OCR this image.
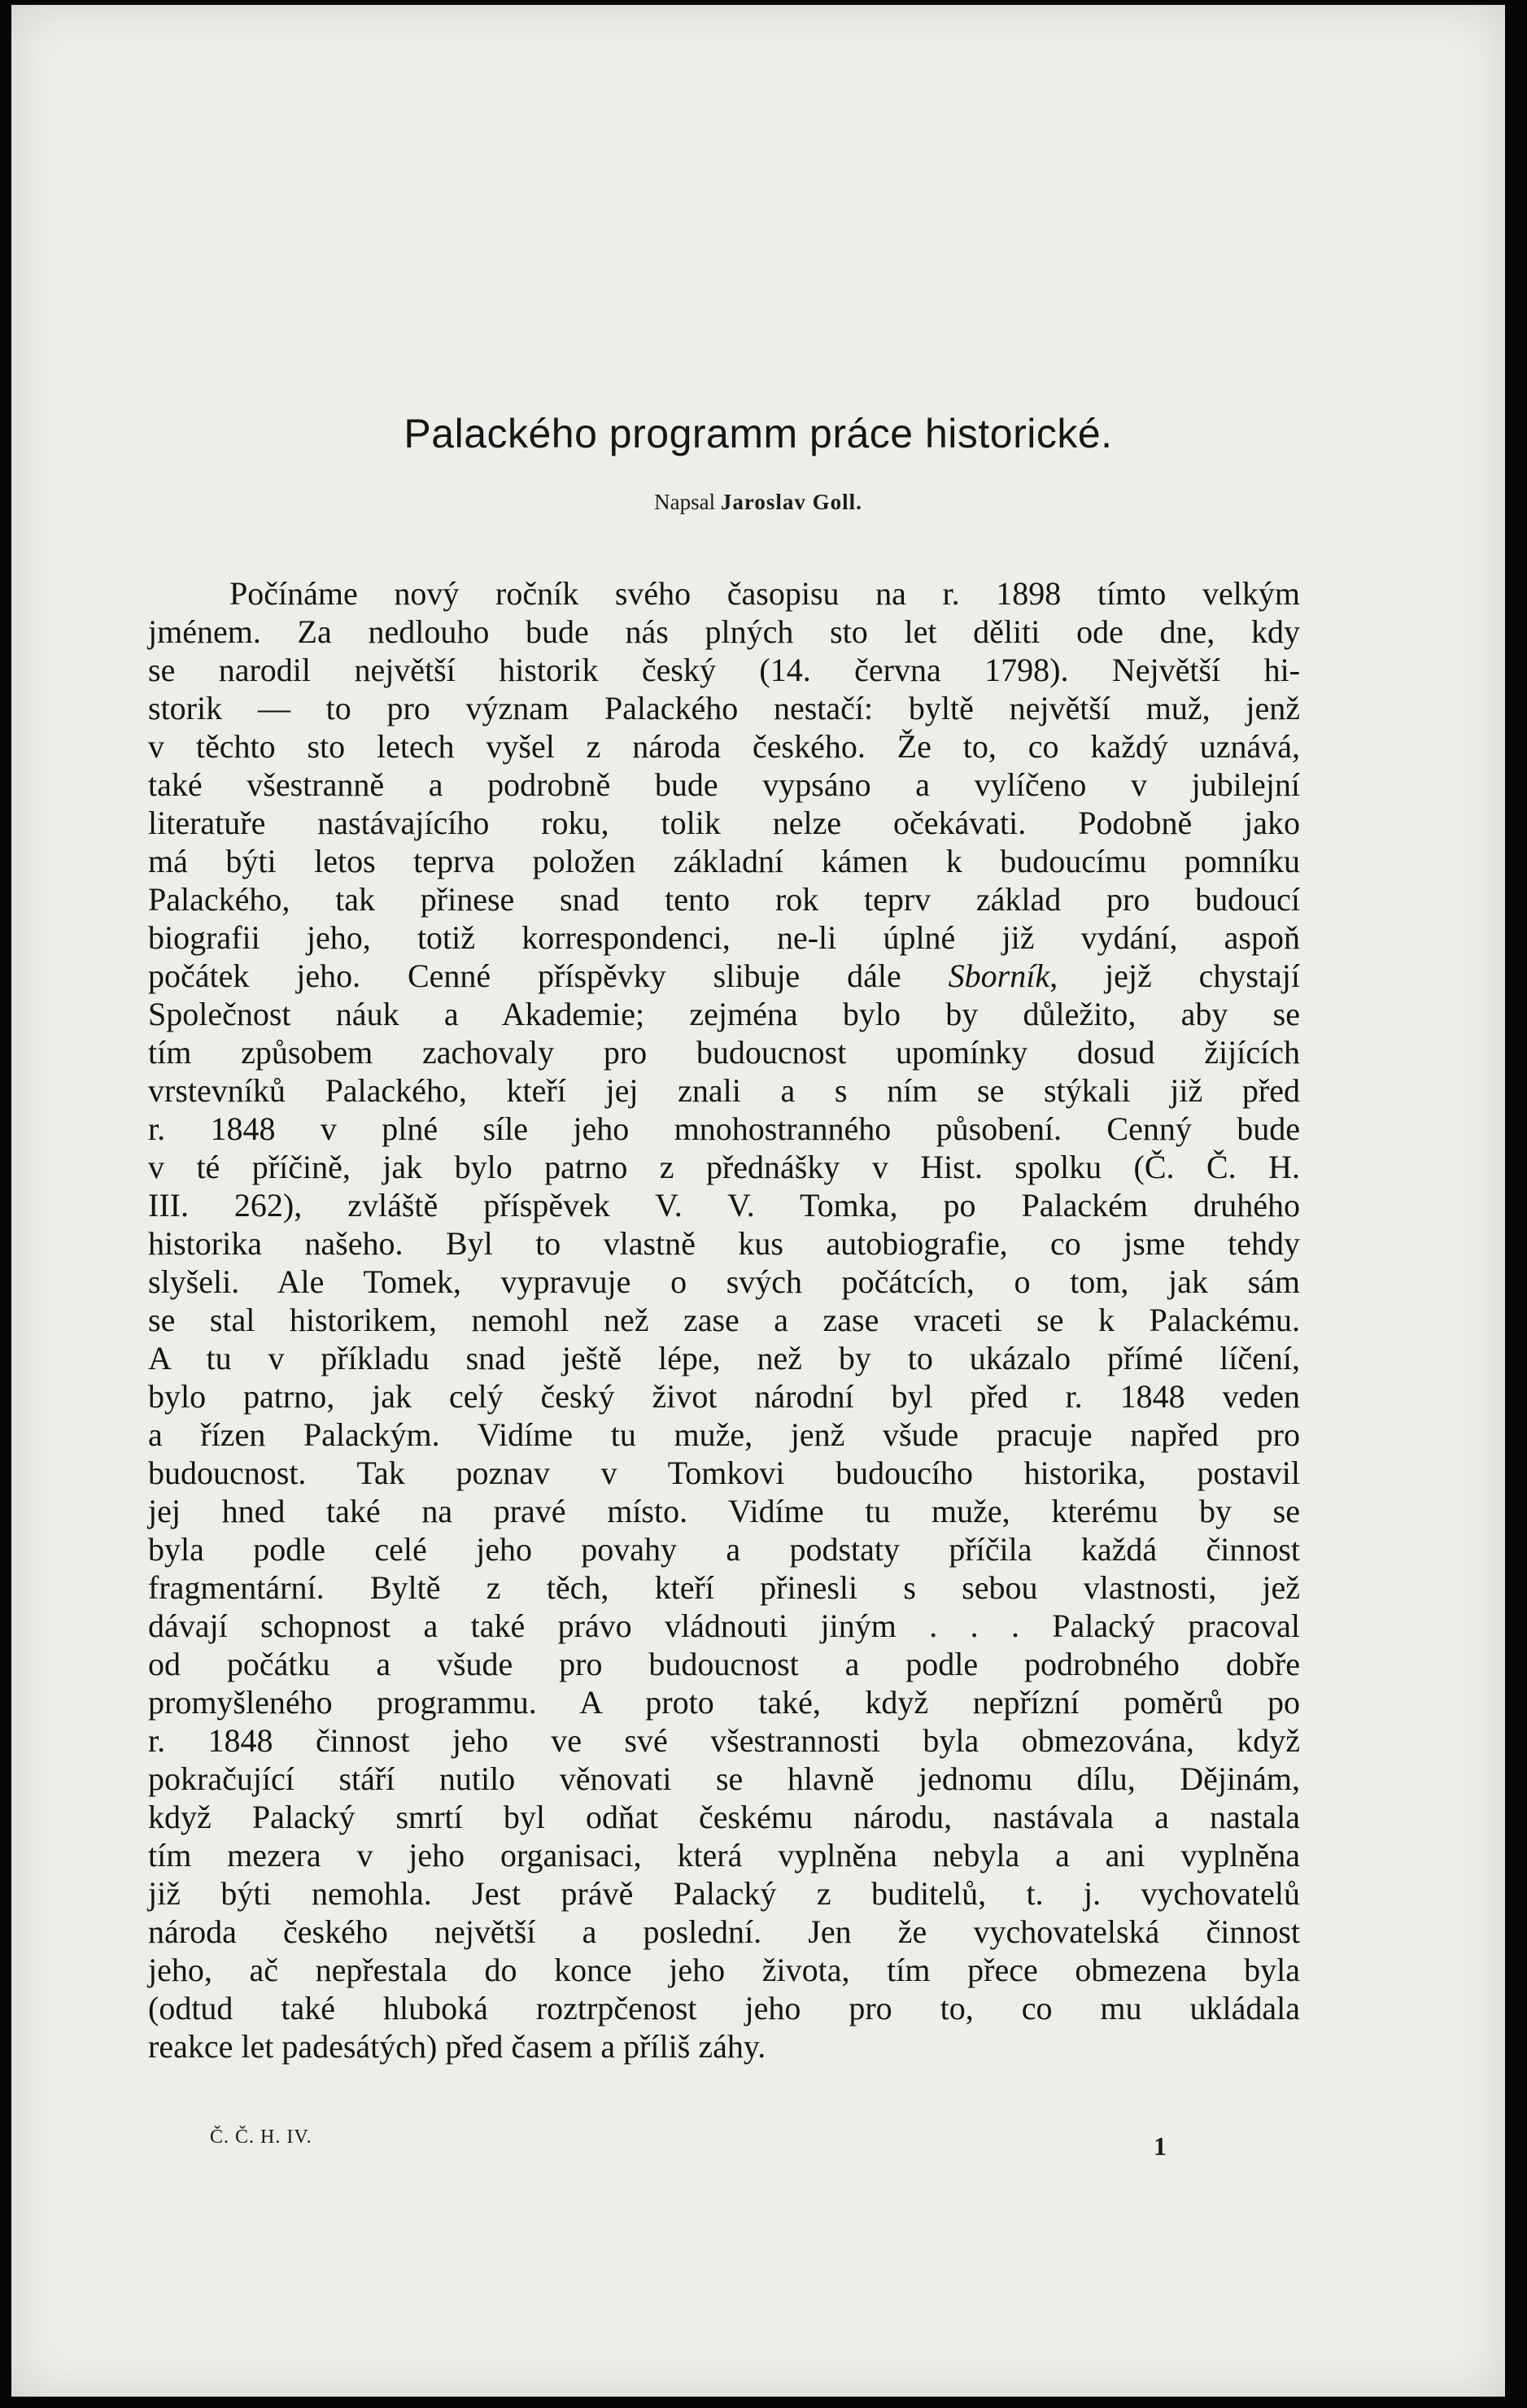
Palackého programm práce historické.
Napsal Jaroslav Goll.
Počínáme nový ročník svého časopisu na r. 1898 tímto velkým
jménem. Za nedlouho bude nás plných sto let děliti ode dne, kdy
se narodil největší historik český (14. června 1798). Největší hi-
storik — to pro význam Palackého nestačí: byltě největší muž, jenž
v těchto sto letech vyšel z národa českého. Že to, co každý uznává,
také všestranně a podrobně bude vypsáno a vylíčeno v jubilejní
literatuře nastávajícího roku, tolik nelze očekávati. Podobně jako
má býti letos teprva položen základní kámen k budoucímu pomníku
Palackého, tak přinese snad tento rok teprv základ pro budoucí
biografii jeho, totiž korrespondenci, ne-li úplné již vydání, aspoň
počátek jeho. Cenné příspěvky slibuje dále Sborník, jejž chystají
Společnost náuk a Akademie; zejména bylo by důležito, aby se
tím způsobem zachovaly pro budoucnost upomínky dosud žijících
vrstevníků Palackého, kteří jej znali a s ním se stýkali již před
r. 1848 v plné síle jeho mnohostranného působení. Cenný bude
v té příčině, jak bylo patrno z přednášky v Hist. spolku (Č. Č. H.
III. 262), zvláště příspěvek V. V. Tomka, po Palackém druhého
historika našeho. Byl to vlastně kus autobiografie, co jsme tehdy
slyšeli. Ale Tomek, vypravuje o svých počátcích, o tom, jak sám
se stal historikem, nemohl než zase a zase vraceti se k Palackému.
A tu v příkladu snad ještě lépe, než by to ukázalo přímé líčení,
bylo patrno, jak celý český život národní byl před r. 1848 veden
a řízen Palackým. Vidíme tu muže, jenž všude pracuje napřed pro
budoucnost. Tak poznav v Tomkovi budoucího historika, postavil
jej hned také na pravé místo. Vidíme tu muže, kterému by se
byla podle celé jeho povahy a podstaty příčila každá činnost
fragmentární. Byltě z těch, kteří přinesli s sebou vlastnosti, jež
dávají schopnost a také právo vládnouti jiným . . . Palacký pracoval
od počátku a všude pro budoucnost a podle podrobného dobře
promyšleného programmu. A proto také, když nepřízní poměrů po
r. 1848 činnost jeho ve své všestrannosti byla obmezována, když
pokračující stáří nutilo věnovati se hlavně jednomu dílu, Dějinám,
když Palacký smrtí byl odňat českému národu, nastávala a nastala
tím mezera v jeho organisaci, která vyplněna nebyla a ani vyplněna
již býti nemohla. Jest právě Palacký z buditelů, t. j. vychovatelů
národa českého největší a poslední. Jen že vychovatelská činnost
jeho, ač nepřestala do konce jeho života, tím přece obmezena byla
(odtud také hluboká roztrpčenost jeho pro to, co mu ukládala
reakce let padesátých) před časem a příliš záhy.
Č. Č. H. IV.	1
